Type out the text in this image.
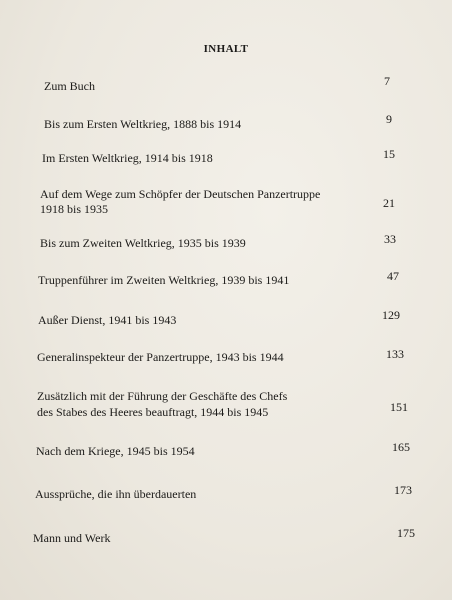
INHALT
Zum Buch	7
Bis zum Ersten Weltkrieg, 1888 bis 1914	9
Im Ersten Weltkrieg, 1914 bis 1918	15
Auf dem Wege zum Schöpfer der Deutschen Panzertruppe
1918 bis 1935	21
Bis zum Zweiten Weltkrieg, 1935 bis 1939	33
Truppenführer im Zweiten Weltkrieg, 1939 bis 1941	47
Außer Dienst, 1941 bis 1943	129
Generalinspekteur der Panzertruppe, 1943 bis 1944	133
Zusätzlich mit der Führung der Geschäfte des Chefs
des Stabes des Heeres beauftragt, 1944 bis 1945	151
Nach dem Kriege, 1945 bis 1954	165
Aussprüche, die ihn überdauerten	173
Mann und Werk	175
